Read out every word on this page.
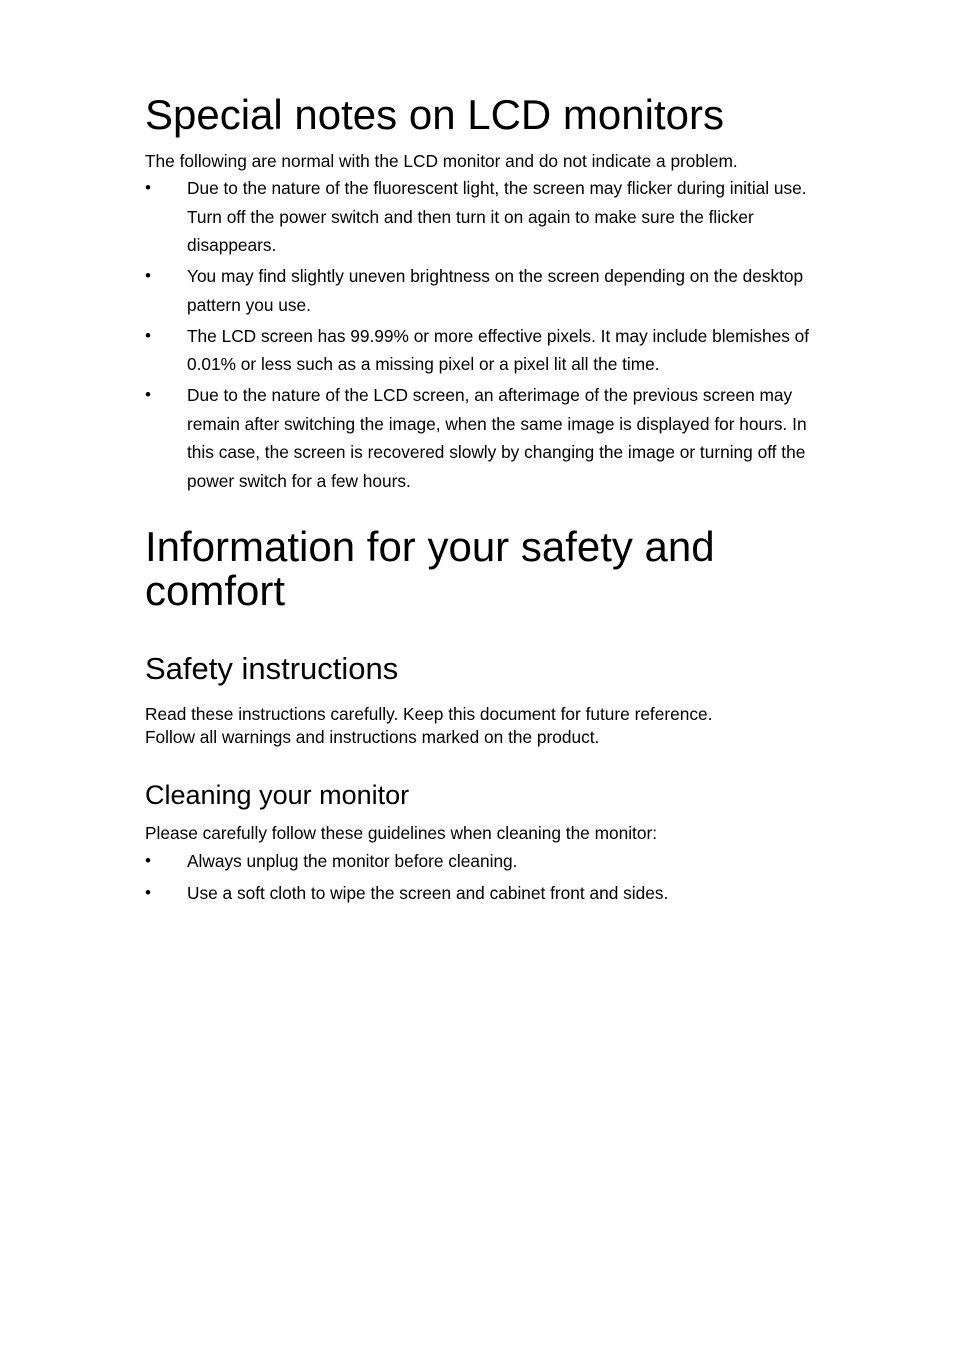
Special notes on LCD monitors

The following are normal with the LCD monitor and do not indicate a problem.

•	Due to the nature of the fluorescent light, the screen may flicker during initial use. Turn off the power switch and then turn it on again to make sure the flicker disappears.
•	You may find slightly uneven brightness on the screen depending on the desktop pattern you use.
•	The LCD screen has 99.99% or more effective pixels. It may include blemishes of 0.01% or less such as a missing pixel or a pixel lit all the time.
•	Due to the nature of the LCD screen, an afterimage of the previous screen may remain after switching the image, when the same image is displayed for hours. In this case, the screen is recovered slowly by changing the image or turning off the power switch for a few hours.
Information for your safety and
comfort
Safety instructions

Read these instructions carefully. Keep this document for future reference.

Follow all warnings and instructions marked on the product.

Cleaning your monitor

Please carefully follow these guidelines when cleaning the monitor:

•	Always unplug the monitor before cleaning.
•	Use a soft cloth to wipe the screen and cabinet front and sides.
